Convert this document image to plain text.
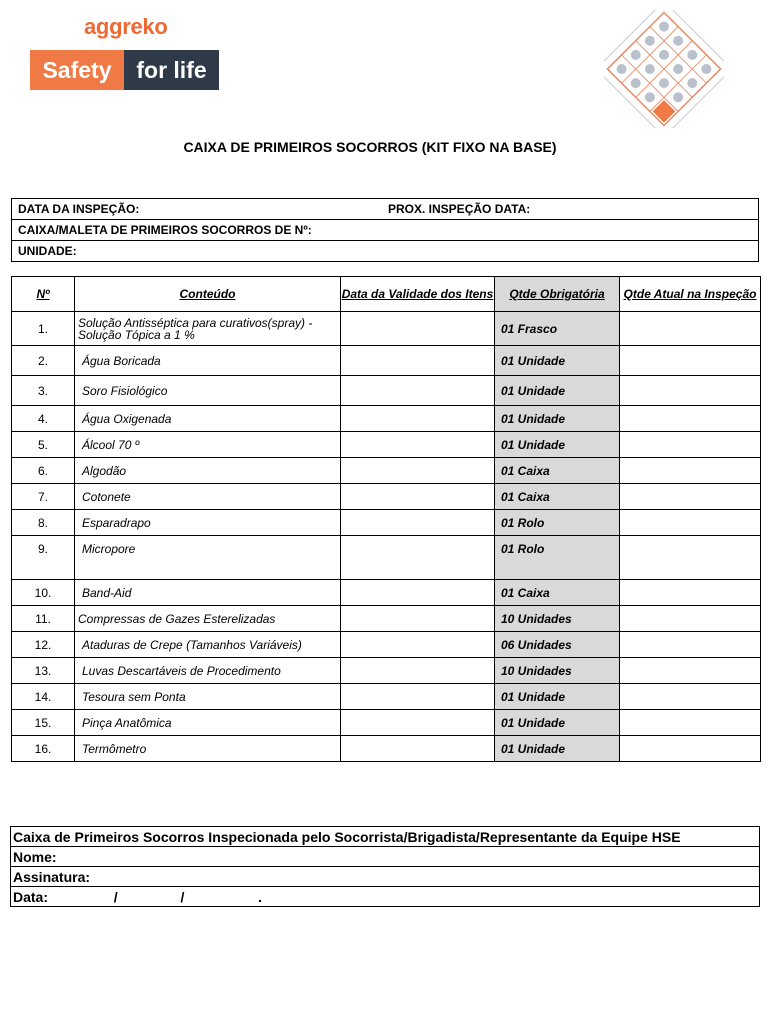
aggreko
Safety	for life
CAIXA DE PRIMEIROS SOCORROS (KIT FIXO NA BASE)
DATA DA INSPEÇÃO:	PROX. INSPEÇÃO DATA:

CAIXA/MALETA DE PRIMEIROS SOCORROS DE Nº:
UNIDADE:
Nº	Conteúdo	Data da Validade dos Itens	Qtde Obrigatória	Qtde Atual na Inspeção
1.	Solução Antisséptica para curativos(spray) - Solução Tópica a 1 %		01 Frasco	
2.	Água Boricada		01 Unidade	
3.	Soro Fisiológico		01 Unidade	
4.	Água Oxigenada		01 Unidade	
5.	Álcool 70 º		01 Unidade	
6.	Algodão		01 Caixa	
7.	Cotonete		01 Caixa	
8.	Esparadrapo		01 Rolo	
9.	Micropore		01 Rolo	
10.	Band-Aid		01 Caixa	
11.	Compressas de Gazes Esterelizadas		10 Unidades	
12.	Ataduras de Crepe (Tamanhos Variáveis)		06 Unidades	
13.	Luvas Descartáveis de Procedimento		10 Unidades	
14.	Tesoura sem Ponta		01 Unidade	
15.	Pinça Anatômica		01 Unidade	
16.	Termômetro		01 Unidade	
Caixa de Primeiros Socorros Inspecionada pelo Socorrista/Brigadista/Representante da Equipe HSE
Nome:
Assinatura:
Data:	/	/	.
